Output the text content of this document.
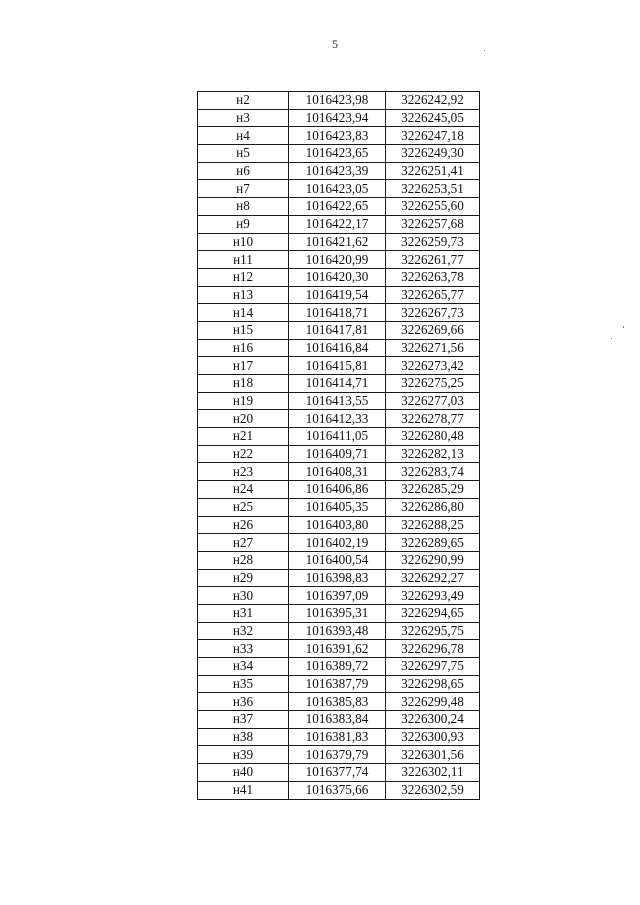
5
н2	1016423,98	3226242,92
н3	1016423,94	3226245,05
н4	1016423,83	3226247,18
н5	1016423,65	3226249,30
н6	1016423,39	3226251,41
н7	1016423,05	3226253,51
н8	1016422,65	3226255,60
н9	1016422,17	3226257,68
н10	1016421,62	3226259,73
н11	1016420,99	3226261,77
н12	1016420,30	3226263,78
н13	1016419,54	3226265,77
н14	1016418,71	3226267,73
н15	1016417,81	3226269,66
н16	1016416,84	3226271,56
н17	1016415,81	3226273,42
н18	1016414,71	3226275,25
н19	1016413,55	3226277,03
н20	1016412,33	3226278,77
н21	1016411,05	3226280,48
н22	1016409,71	3226282,13
н23	1016408,31	3226283,74
н24	1016406,86	3226285,29
н25	1016405,35	3226286,80
н26	1016403,80	3226288,25
н27	1016402,19	3226289,65
н28	1016400,54	3226290,99
н29	1016398,83	3226292,27
н30	1016397,09	3226293,49
н31	1016395,31	3226294,65
н32	1016393,48	3226295,75
н33	1016391,62	3226296,78
н34	1016389,72	3226297,75
н35	1016387,79	3226298,65
н36	1016385,83	3226299,48
н37	1016383,84	3226300,24
н38	1016381,83	3226300,93
н39	1016379,79	3226301,56
н40	1016377,74	3226302,11
н41	1016375,66	3226302,59
